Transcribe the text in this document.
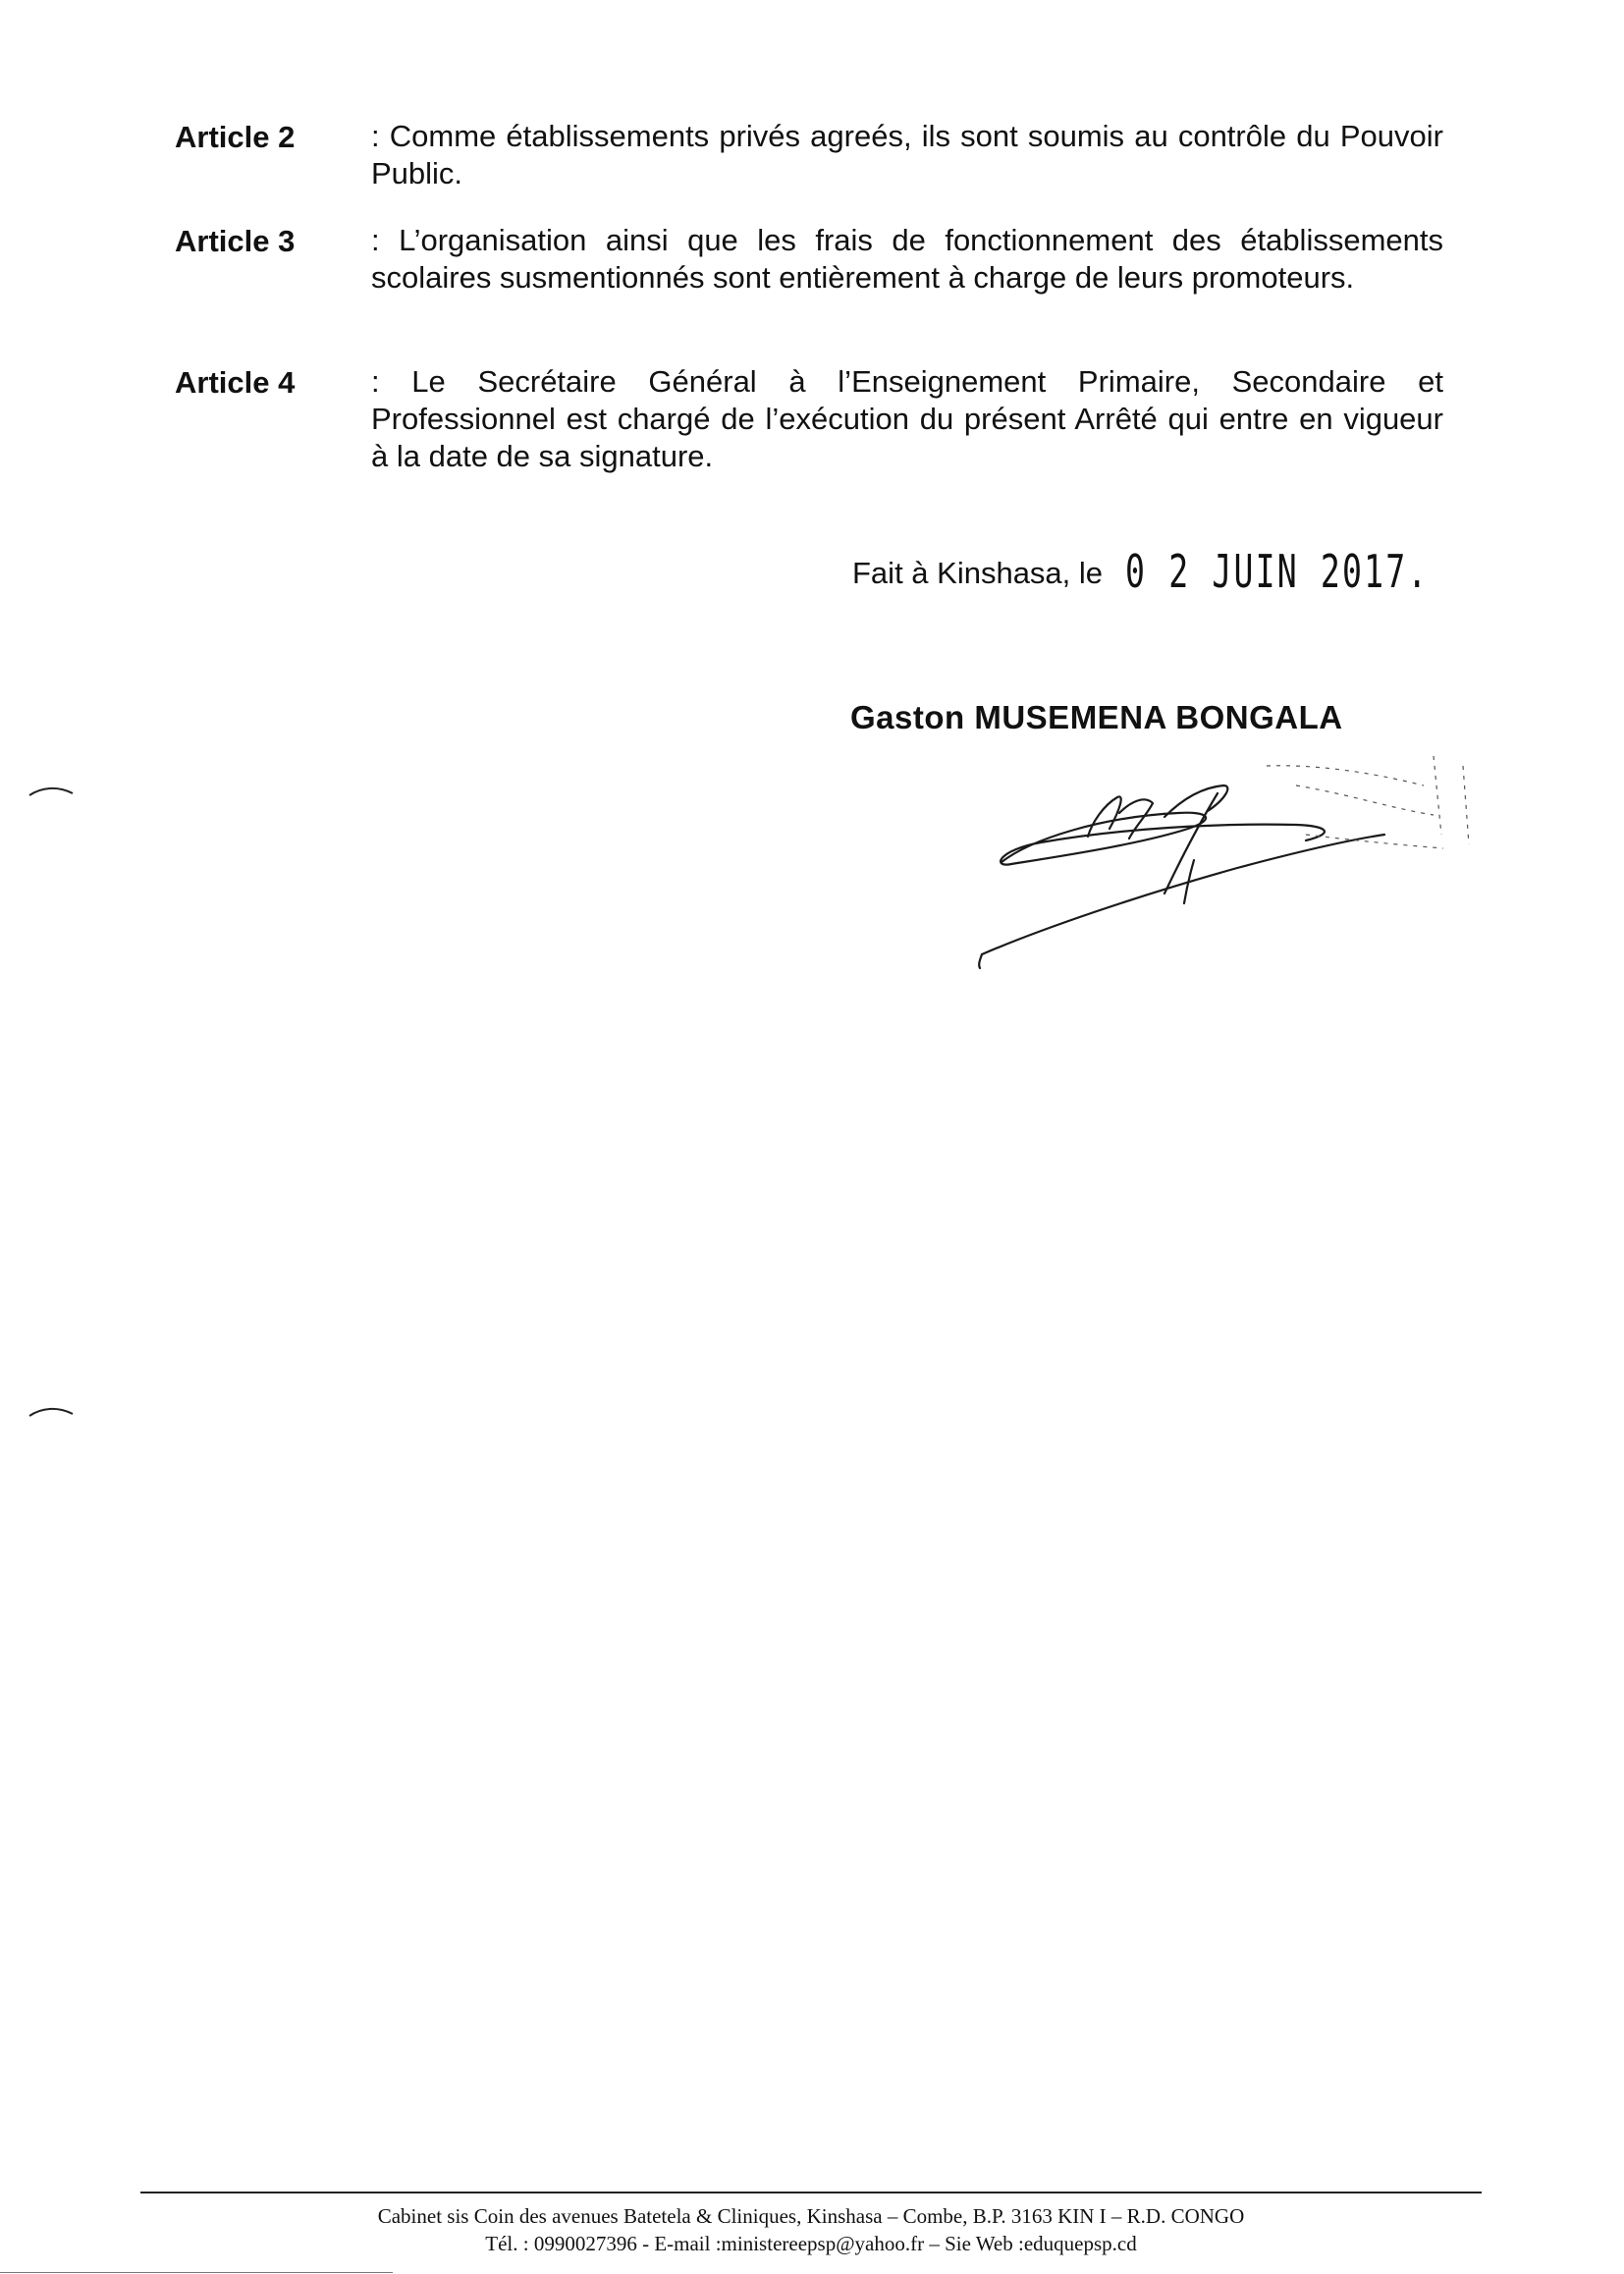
Article 2	: Comme établissements privés agreés, ils sont soumis au contrôle du Pouvoir Public.
Article 3	: L’organisation ainsi que les frais de fonctionnement des établissements scolaires susmentionnés sont entièrement à charge de leurs promoteurs.
Article 4	: Le Secrétaire Général à l’Enseignement Primaire, Secondaire et Professionnel est chargé de l’exécution du présent Arrêté qui entre en vigueur à la date de sa signature.
Fait à Kinshasa, le 0 2 JUIN 2017.
Gaston MUSEMENA BONGALA
Cabinet sis Coin des avenues Batetela & Cliniques, Kinshasa – Combe, B.P. 3163 KIN I – R.D. CONGO
Tél. : 0990027396 - E-mail :ministereepsp@yahoo.fr – Sie Web :eduquepsp.cd
